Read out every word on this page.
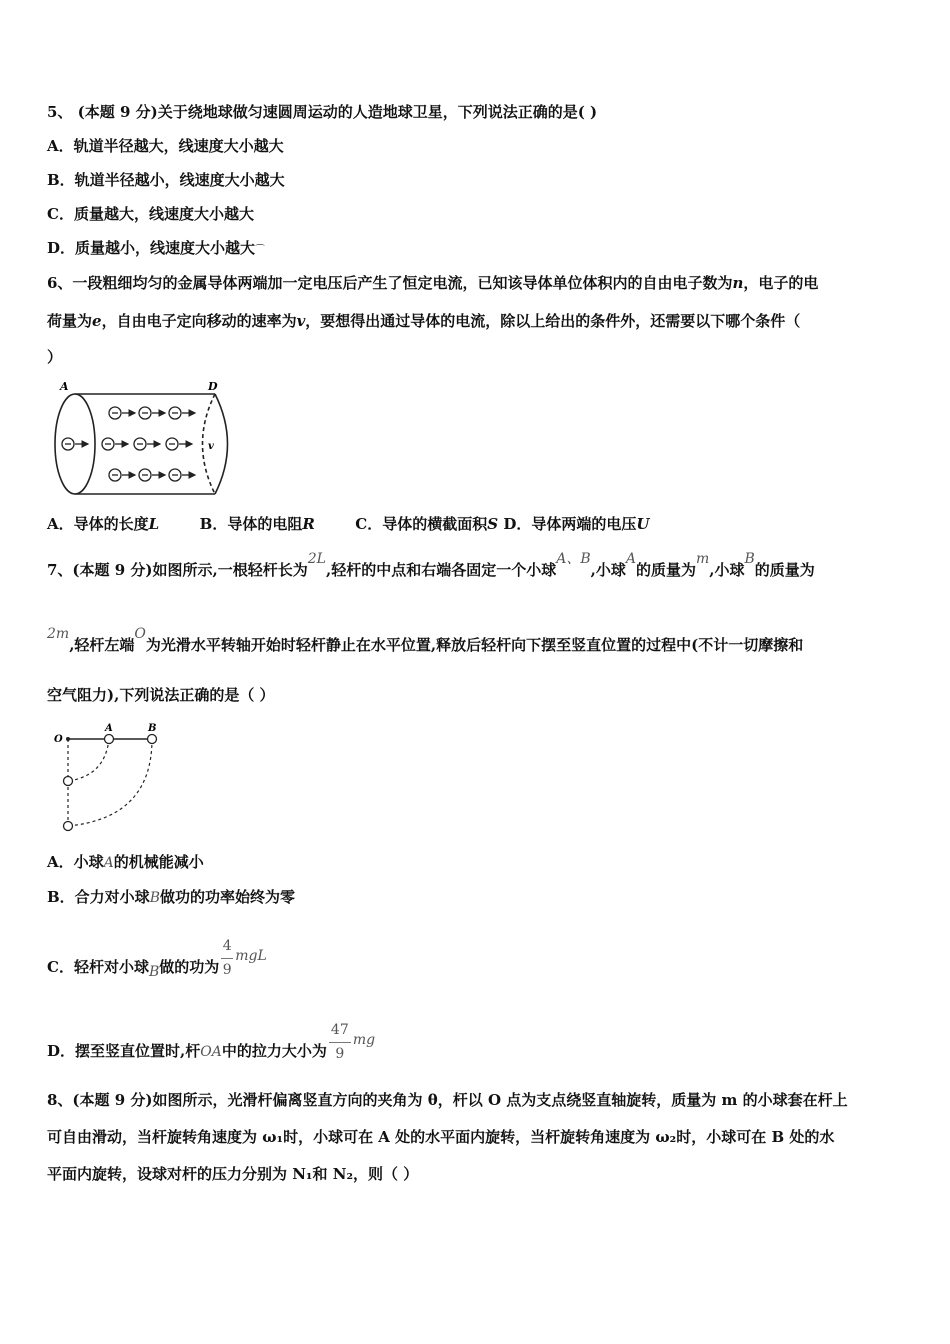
5、 (本题 9 分)关于绕地球做匀速圆周运动的人造地球卫星，下列说法正确的是( )
A．轨道半径越大，线速度大小越大
B．轨道半径越小，线速度大小越大
C．质量越大，线速度大小越大
D．质量越小，线速度大小越大⌒
6、一段粗细均匀的金属导体两端加一定电压后产生了恒定电流，已知该导体单位体积内的自由电子数为n，电子的电
荷量为e，自由电子定向移动的速率为v，要想得出通过导体的电流，除以上给出的条件外，还需要以下哪个条件（
）
A	D
v
A．导体的长度L	B．导体的电阻R	C．导体的横截面积S D．导体两端的电压U
7、(本题 9 分)如图所示,一根轻杆长为2L,轻杆的中点和右端各固定一个小球A、B,小球A的质量为m,小球B的质量为
2m,轻杆左端O为光滑水平转轴开始时轻杆静止在水平位置,释放后轻杆向下摆至竖直位置的过程中(不计一切摩擦和
空气阻力),下列说法正确的是（ ）
O
A	B
A．小球A的机械能减小
B．合力对小球B做功的功率始终为零
C．轻杆对小球B做的功为 $\frac{4}{9}$ mgL
D．摆至竖直位置时,杆OA中的拉力大小为 $\frac{47}{9}$ mg
8、(本题 9 分)如图所示，光滑杆偏离竖直方向的夹角为 θ，杆以 O 点为支点绕竖直轴旋转，质量为 m 的小球套在杆上
可自由滑动，当杆旋转角速度为 ω₁时，小球可在 A 处的水平面内旋转，当杆旋转角速度为 ω₂时，小球可在 B 处的水
平面内旋转，设球对杆的压力分别为 N₁和 N₂，则（ ）
